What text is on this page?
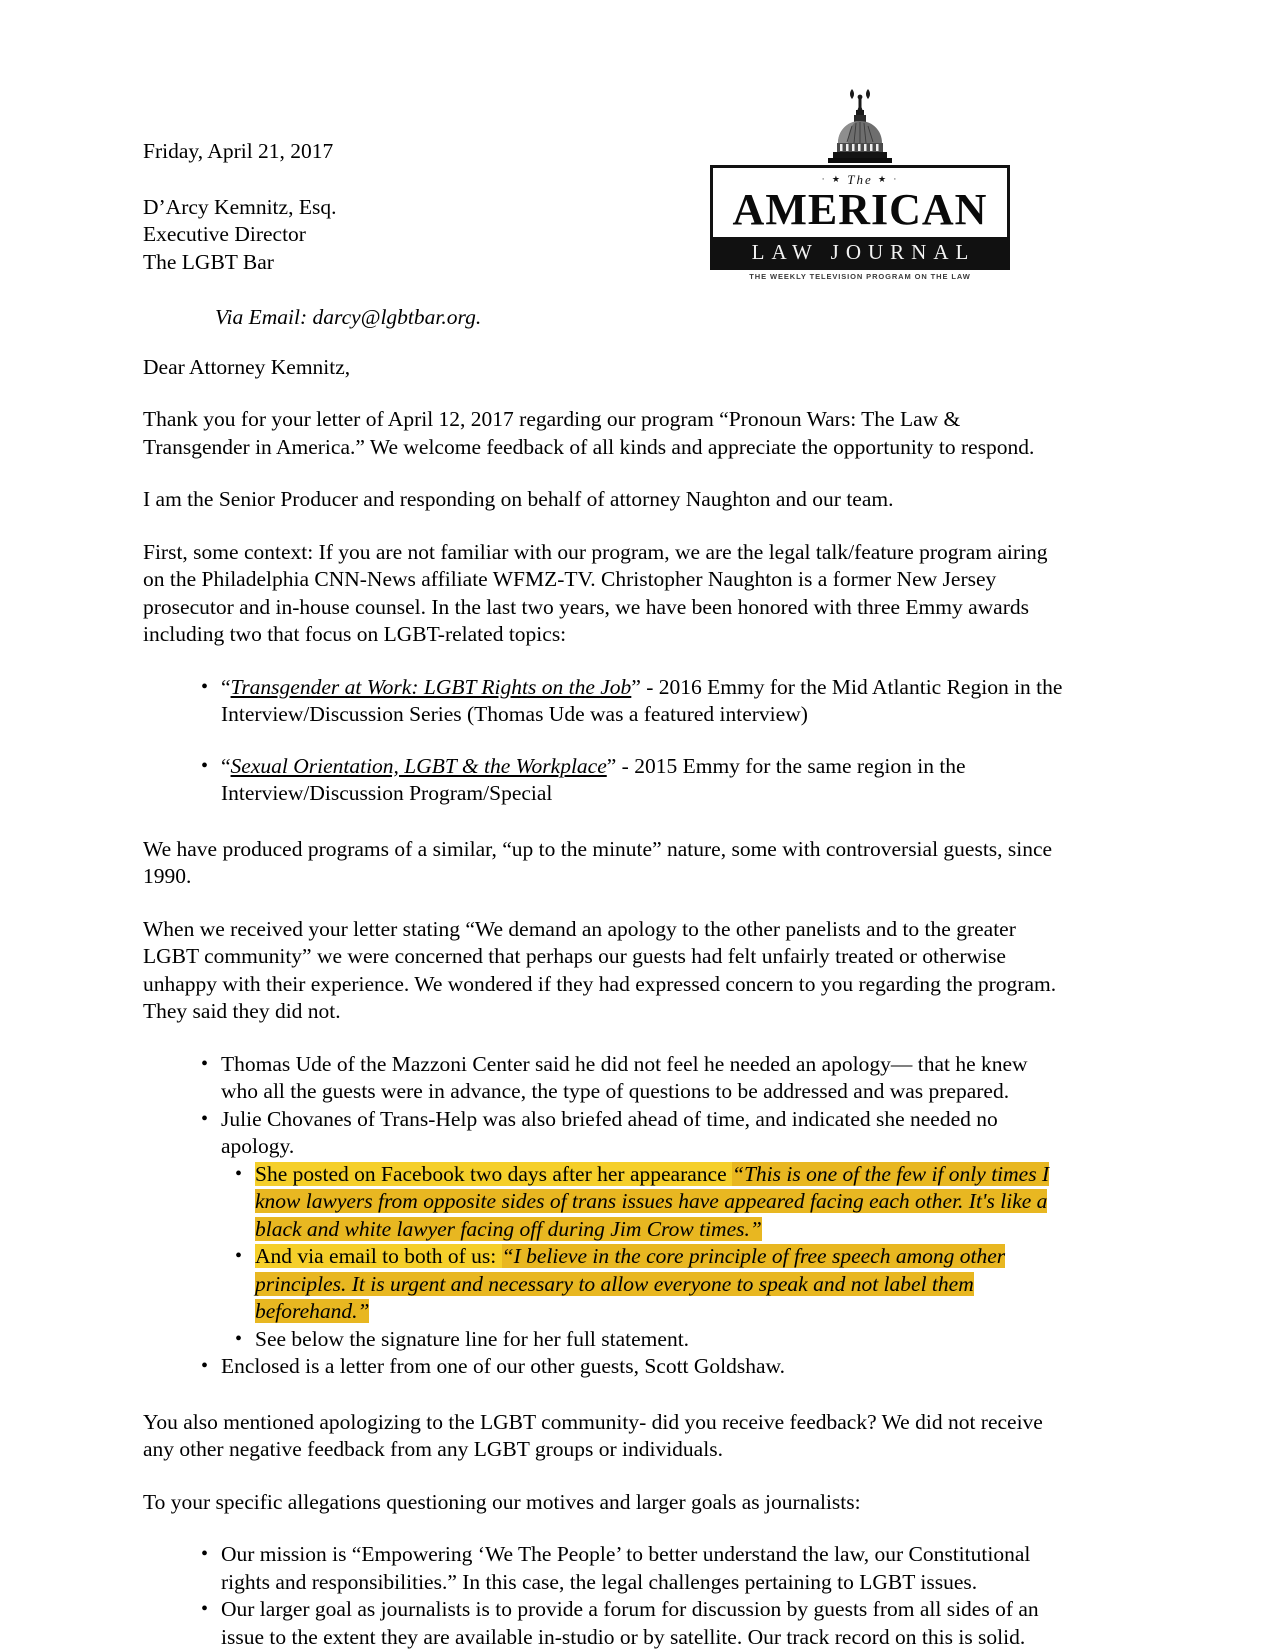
· ★ The ★ ·
AMERICAN
LAW JOURNAL
THE WEEKLY TELEVISION PROGRAM ON THE LAW
Friday, April 21, 2017
D’Arcy Kemnitz, Esq.
Executive Director
The LGBT Bar
Via Email: darcy@lgbtbar.org.
Dear Attorney Kemnitz,
Thank you for your letter of April 12, 2017 regarding our program “Pronoun Wars: The Law & Transgender in America.” We welcome feedback of all kinds and appreciate the opportunity to respond.
I am the Senior Producer and responding on behalf of attorney Naughton and our team.
First, some context: If you are not familiar with our program, we are the legal talk/feature program airing on the Philadelphia CNN-News affiliate WFMZ-TV. Christopher Naughton is a former New Jersey prosecutor and in-house counsel. In the last two years, we have been honored with three Emmy awards including two that focus on LGBT-related topics:
• “Transgender at Work: LGBT Rights on the Job” - 2016 Emmy for the Mid Atlantic Region in the Interview/Discussion Series (Thomas Ude was a featured interview)
• “Sexual Orientation, LGBT & the Workplace” - 2015 Emmy for the same region in the Interview/Discussion Program/Special
We have produced programs of a similar, “up to the minute” nature, some with controversial guests, since 1990.
When we received your letter stating “We demand an apology to the other panelists and to the greater LGBT community” we were concerned that perhaps our guests had felt unfairly treated or otherwise unhappy with their experience. We wondered if they had expressed concern to you regarding the program. They said they did not.
• Thomas Ude of the Mazzoni Center said he did not feel he needed an apology— that he knew who all the guests were in advance, the type of questions to be addressed and was prepared.
• Julie Chovanes of Trans-Help was also briefed ahead of time, and indicated she needed no apology.
• She posted on Facebook two days after her appearance “This is one of the few if only times I know lawyers from opposite sides of trans issues have appeared facing each other. It's like a black and white lawyer facing off during Jim Crow times.”
• And via email to both of us: “I believe in the core principle of free speech among other principles. It is urgent and necessary to allow everyone to speak and not label them beforehand.”
• See below the signature line for her full statement.
• Enclosed is a letter from one of our other guests, Scott Goldshaw.
You also mentioned apologizing to the LGBT community- did you receive feedback? We did not receive any other negative feedback from any LGBT groups or individuals.
To your specific allegations questioning our motives and larger goals as journalists:
• Our mission is “Empowering ‘We The People’ to better understand the law, our Constitutional rights and responsibilities.” In this case, the legal challenges pertaining to LGBT issues.
• Our larger goal as journalists is to provide a forum for discussion by guests from all sides of an issue to the extent they are available in-studio or by satellite. Our track record on this is solid.
